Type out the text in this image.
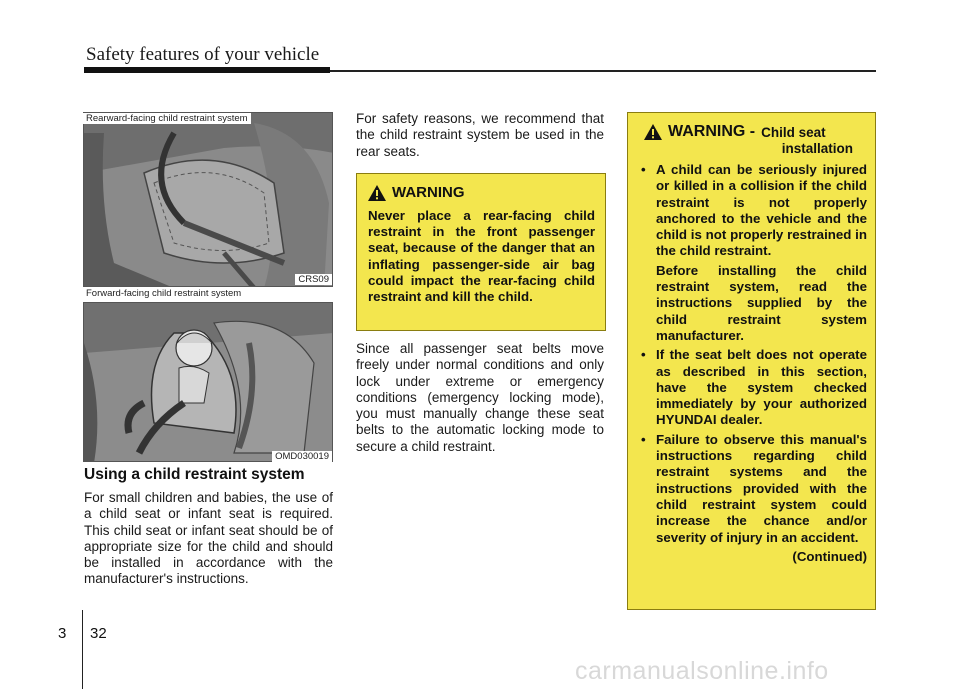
Safety features of your vehicle
Rearward-facing child restraint system
CRS09
Forward-facing child restraint system
OMD030019
Using a child restraint system
For small children and babies, the use of a child seat or infant seat is required. This child seat or infant seat should be of appropriate size for the child and should be installed in accordance with the manufacturer's instructions.
For safety reasons, we recommend that the child restraint system be used in the rear seats.
WARNING
Never place a rear-facing child restraint in the front passenger seat, because of the danger that an inflating passenger-side air bag could impact the rear-facing child restraint and kill the child.
Since all passenger seat belts move freely under normal conditions and only lock under extreme or emergency conditions (emergency locking mode), you must manually change these seat belts to the automatic locking mode to secure a child restraint.
WARNING - Child seat
installation
• A child can be seriously injured or killed in a collision if the child restraint is not properly anchored to the vehicle and the child is not properly restrained in the child restraint.
Before installing the child restraint system, read the instructions supplied by the child restraint system manufacturer.
• If the seat belt does not operate as described in this section, have the system checked immediately by your authorized HYUNDAI dealer.
• Failure to observe this manual's instructions regarding child restraint systems and the instructions provided with the child restraint system could increase the chance and/or severity of injury in an accident.
(Continued)
3 32
carmanualsonline.info
